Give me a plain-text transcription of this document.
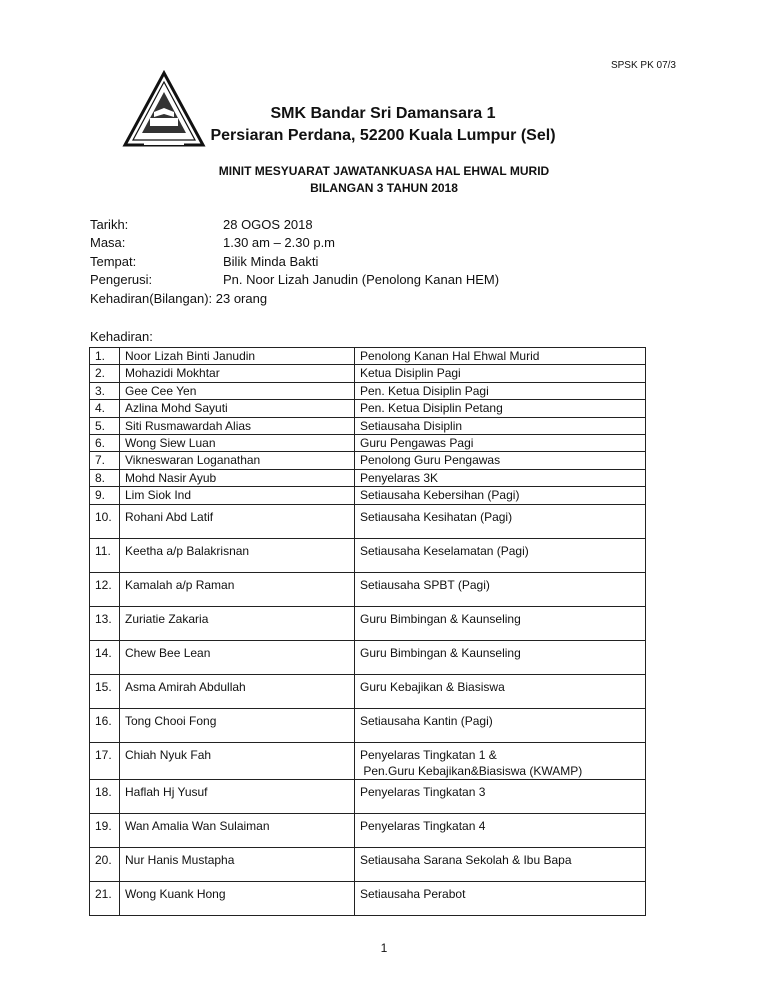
SPSK PK 07/3
SMK Bandar Sri Damansara 1
Persiaran Perdana, 52200 Kuala Lumpur (Sel)
MINIT MESYUARAT JAWATANKUASA HAL EHWAL MURID
BILANGAN 3 TAHUN 2018
Tarikh:	28 OGOS 2018
Masa:	1.30 am – 2.30 p.m
Tempat:	Bilik Minda Bakti
Pengerusi:	Pn. Noor Lizah Janudin (Penolong Kanan HEM)
Kehadiran(Bilangan): 23 orang
Kehadiran:
1.	Noor Lizah Binti Janudin	Penolong Kanan Hal Ehwal Murid

2.	Mohazidi Mokhtar	Ketua Disiplin Pagi

3.	Gee Cee Yen	Pen. Ketua Disiplin Pagi

4.	Azlina Mohd Sayuti	Pen. Ketua Disiplin Petang

5.	Siti Rusmawardah Alias	Setiausaha Disiplin

6.	Wong Siew Luan	Guru Pengawas Pagi

7.	Vikneswaran Loganathan	Penolong Guru Pengawas

8.	Mohd Nasir Ayub	Penyelaras 3K

9.	Lim Siok Ind	Setiausaha Kebersihan (Pagi)

10.	Rohani Abd Latif	Setiausaha Kesihatan (Pagi)

11.	Keetha a/p Balakrisnan	Setiausaha Keselamatan (Pagi)

12.	Kamalah a/p Raman	Setiausaha SPBT (Pagi)

13.	Zuriatie Zakaria	Guru Bimbingan & Kaunseling

14.	Chew Bee Lean	Guru Bimbingan & Kaunseling

15.	Asma Amirah Abdullah	Guru Kebajikan & Biasiswa

16.	Tong Chooi Fong	Setiausaha Kantin (Pagi)

17.	Chiah Nyuk Fah	Penyelaras Tingkatan 1 &
Pen.Guru Kebajikan&Biasiswa (KWAMP)

18.	Haflah Hj Yusuf	Penyelaras Tingkatan 3

19.	Wan Amalia Wan Sulaiman	Penyelaras Tingkatan 4

20.	Nur Hanis Mustapha	Setiausaha Sarana Sekolah & Ibu Bapa

21.	Wong Kuank Hong	Setiausaha Perabot
1
